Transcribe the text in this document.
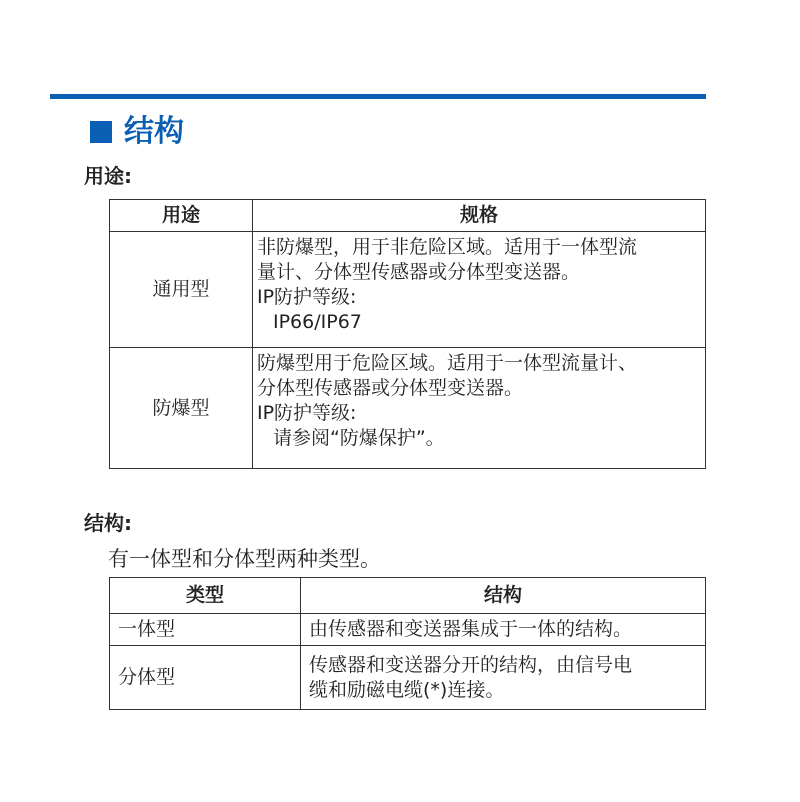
结构
用途:
用途	规格
通用型	非防爆型，用于非危险区域。适用于一体型流
量计、分体型传感器或分体型变送器。
IP防护等级:
IP66/IP67

防爆型	防爆型用于危险区域。适用于一体型流量计、
分体型传感器或分体型变送器。
IP防护等级:
请参阅“防爆保护”。
结构:
有一体型和分体型两种类型。
类型	结构
一体型	由传感器和变送器集成于一体的结构。

分体型	传感器和变送器分开的结构，由信号电
缆和励磁电缆(*)连接。
